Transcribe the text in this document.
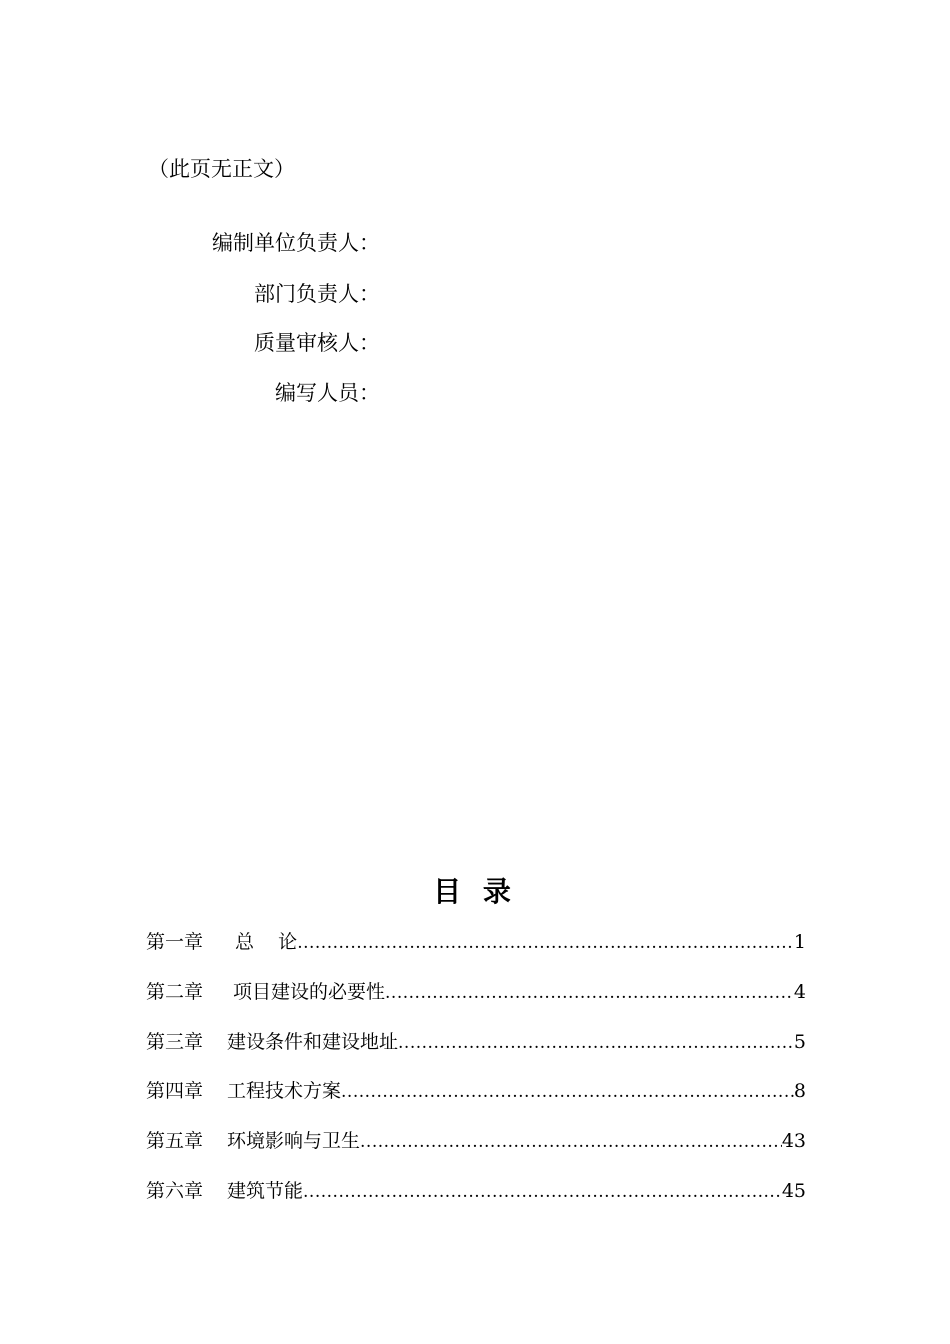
（此页无正文）
编制单位负责人：
部门负责人：
质量审核人：
编写人员：
目 录
第一章 总    论 .....	1
第二章 项目建设的必要性 .....	4
第三章 建设条件和建设地址 .....	5
第四章 工程技术方案 .....	8
第五章 环境影响与卫生 .....	43
第六章 建筑节能 .....	45
